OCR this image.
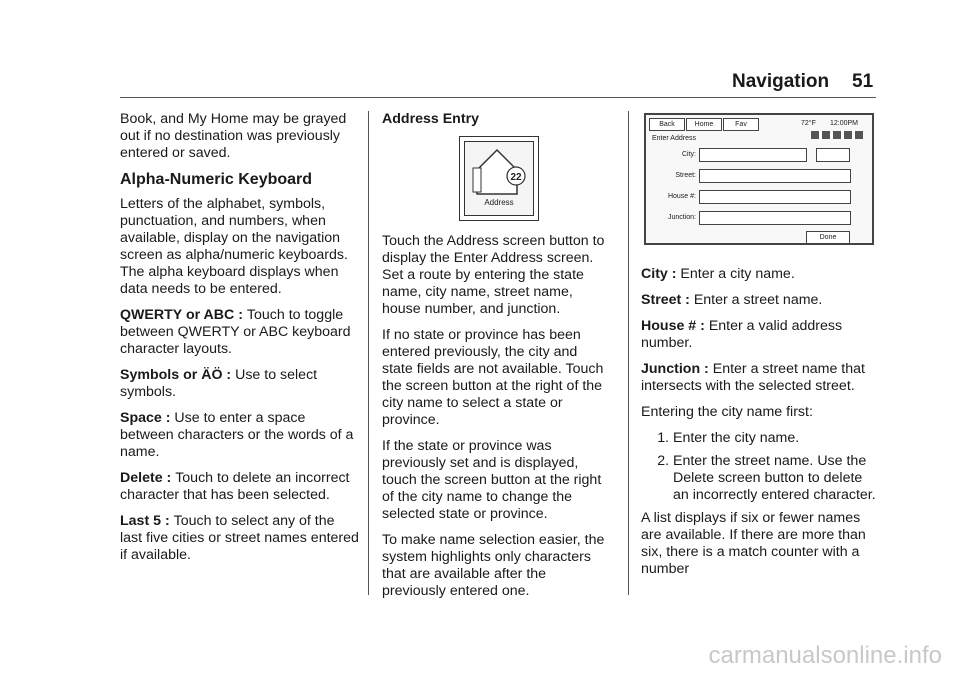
Navigation 51

Book, and My Home may be grayed out if no destination was previously entered or saved.

Alpha-Numeric Keyboard

Letters of the alphabet, symbols, punctuation, and numbers, when available, display on the navigation screen as alpha/numeric keyboards. The alpha keyboard displays when data needs to be entered.

QWERTY or ABC : Touch to toggle between QWERTY or ABC keyboard character layouts.

Symbols or ÄÖ : Use to select symbols.

Space : Use to enter a space between characters or the words of a name.

Delete : Touch to delete an incorrect character that has been selected.

Last 5 : Touch to select any of the last five cities or street names entered if available.

Address Entry
22
Address

Touch the Address screen button to display the Enter Address screen. Set a route by entering the state name, city name, street name, house number, and junction.

If no state or province has been entered previously, the city and state fields are not available. Touch the screen button at the right of the city name to select a state or province.

If the state or province was previously set and is displayed, touch the screen button at the right of the city name to change the selected state or province.

To make name selection easier, the system highlights only characters that are available after the previously entered one.

Back	Home	Fav	72°F 12:00PM
Enter Address
City:
Street:
House #:
Junction:
Done

City : Enter a city name.

Street : Enter a street name.

House # : Enter a valid address number.

Junction : Enter a street name that intersects with the selected street.

Entering the city name first:

1. Enter the city name.
2. Enter the street name. Use the Delete screen button to delete an incorrectly entered character.

A list displays if six or fewer names are available. If there are more than six, there is a match counter with a number

carmanualsonline.info
